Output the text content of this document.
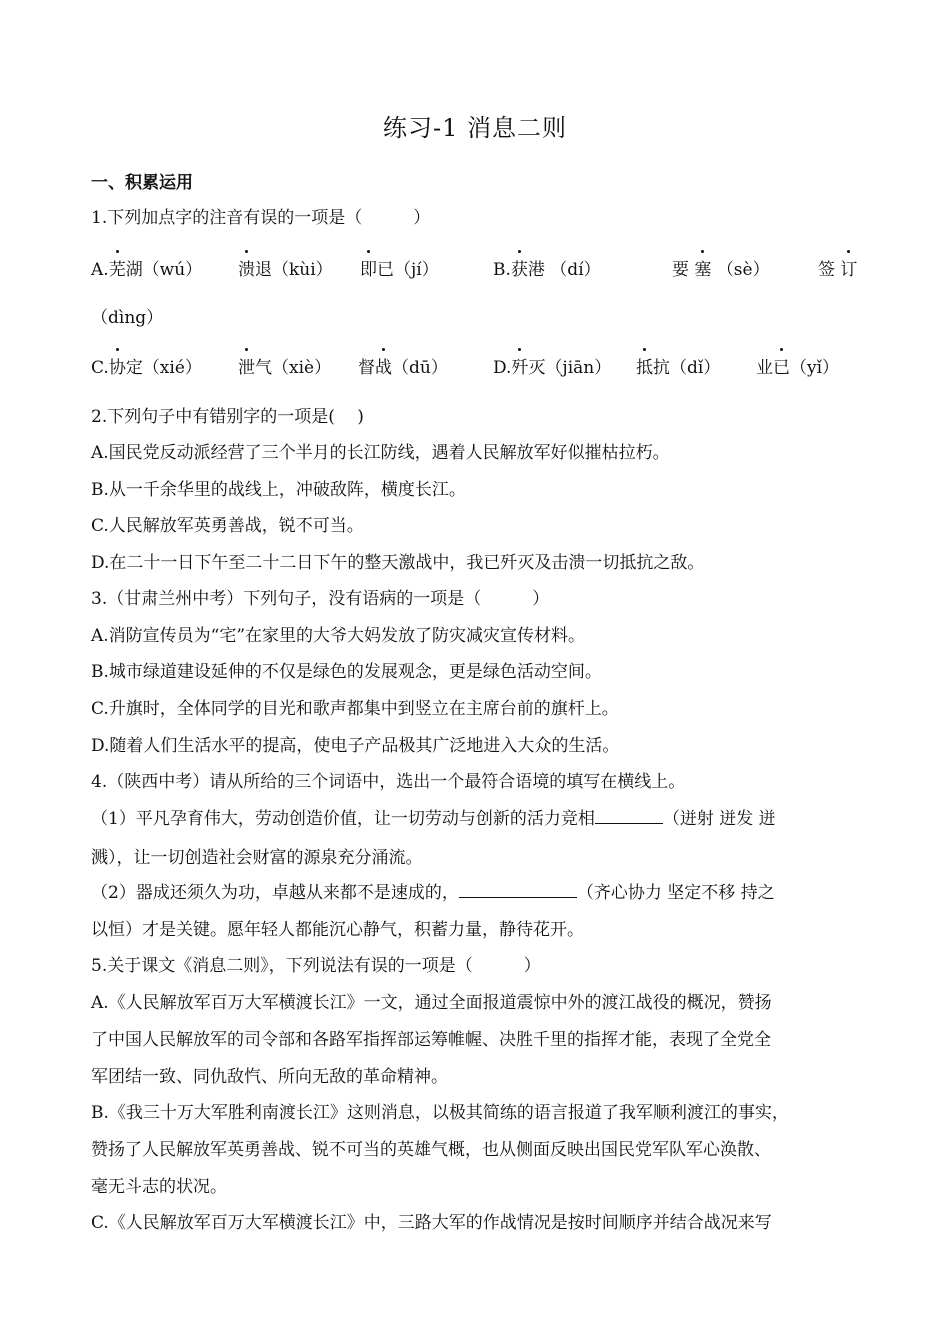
练习-1 消息二则
一、积累运用
1.下列加点字的注音有误的一项是（　　　）
A.芜湖（wú） 溃退（kùi） 即已（jí）	B.获港 （dí）	要 塞 （sè）	签 订
（dìng）
C.协定（xié） 泄气（xiè） 督战（dū）	D.歼灭（jiān） 抵抗（dǐ） 业已（yǐ）
2.下列句子中有错别字的一项是(　 )
A.国民党反动派经营了三个半月的长江防线，遇着人民解放军好似摧枯拉朽。
B.从一千余华里的战线上，冲破敌阵，横度长江。
C.人民解放军英勇善战，锐不可当。
D.在二十一日下午至二十二日下午的整天激战中，我已歼灭及击溃一切抵抗之敌。
3.（甘肃兰州中考）下列句子，没有语病的一项是（　　　）
A.消防宣传员为“宅”在家里的大爷大妈发放了防灾减灾宣传材料。
B.城市绿道建设延伸的不仅是绿色的发展观念，更是绿色活动空间。
C.升旗时，全体同学的目光和歌声都集中到竖立在主席台前的旗杆上。
D.随着人们生活水平的提高，使电子产品极其广泛地进入大众的生活。
4.（陕西中考）请从所给的三个词语中，选出一个最符合语境的填写在横线上。
（1）平凡孕育伟大，劳动创造价值，让一切劳动与创新的活力竞相	（迸射 迸发 迸
溅），让一切创造社会财富的源泉充分涌流。
（2）器成还须久为功，卓越从来都不是速成的，	（齐心协力 坚定不移 持之
以恒）才是关键。愿年轻人都能沉心静气，积蓄力量，静待花开。
5.关于课文《消息二则》，下列说法有误的一项是（　　　）
A.《人民解放军百万大军横渡长江》一文，通过全面报道震惊中外的渡江战役的概况，赞扬
了中国人民解放军的司令部和各路军指挥部运筹帷幄、决胜千里的指挥才能，表现了全党全
军团结一致、同仇敌忾、所向无敌的革命精神。
B.《我三十万大军胜利南渡长江》这则消息，以极其简练的语言报道了我军顺利渡江的事实，
赞扬了人民解放军英勇善战、锐不可当的英雄气概，也从侧面反映出国民党军队军心涣散、
毫无斗志的状况。
C.《人民解放军百万大军横渡长江》中，三路大军的作战情况是按时间顺序并结合战况来写
